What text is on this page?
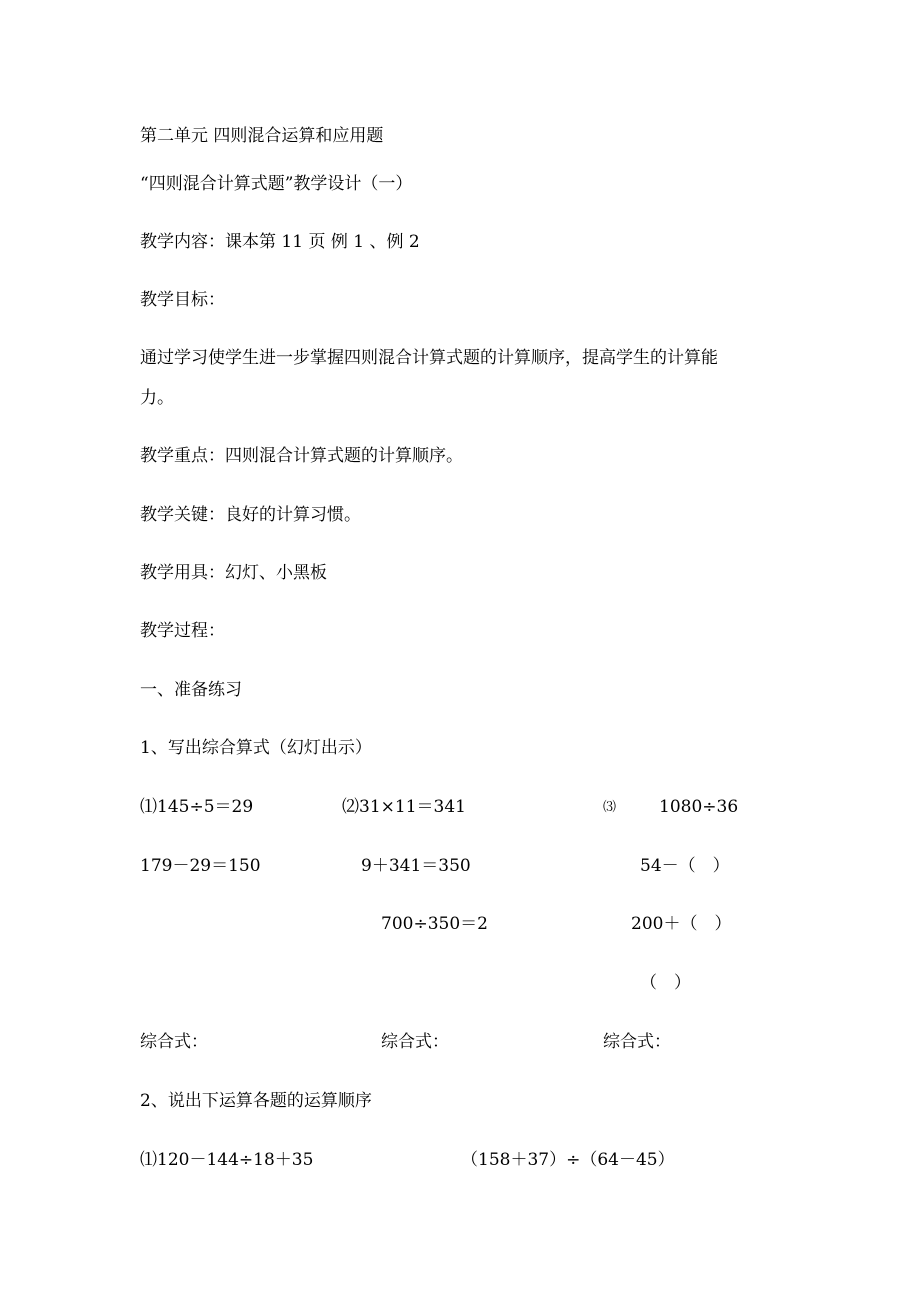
第二单元 四则混合运算和应用题
“四则混合计算式题”教学设计（一）
教学内容：课本第 11 页 例 1 、例 2
教学目标：
通过学习使学生进一步掌握四则混合计算式题的计算顺序，提高学生的计算能
力。
教学重点：四则混合计算式题的计算顺序。
教学关键：良好的计算习惯。
教学用具：幻灯、小黑板
教学过程：
一、准备练习
1、写出综合算式（幻灯出示）
⑴145÷5＝29
179－29＝150
综合式：
⑵31×11＝341
9＋341＝350
700÷350＝2
综合式：
⑶	1080÷36
54－（　）
200＋（　）
（　）
综合式：
2、说出下运算各题的运算顺序
⑴120－144÷18＋35	（158＋37）÷（64－45）
